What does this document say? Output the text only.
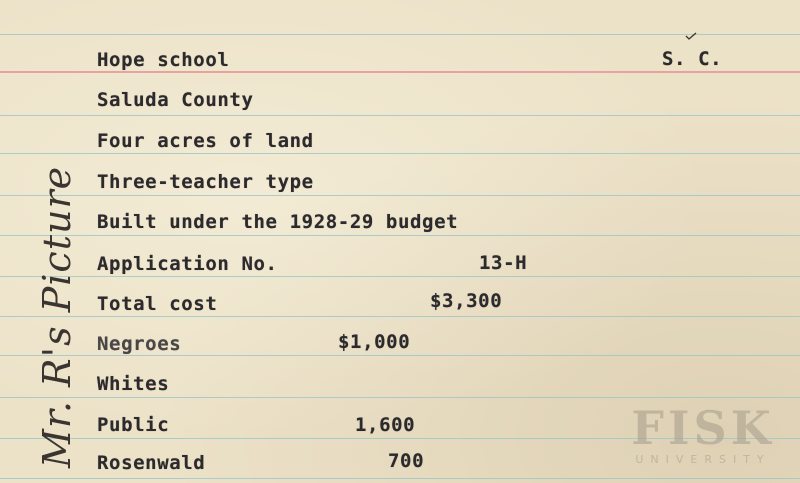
Hope school	S. C.
Saluda County
Four acres of land
Three-teacher type
Built under the 1928-29 budget
Application No.	13-H
Total cost	$3,300
Negroes	$1,000
Whites
Public	1,600
Rosenwald	700
Mr. R's Picture	FISK
UNIVERSITY
